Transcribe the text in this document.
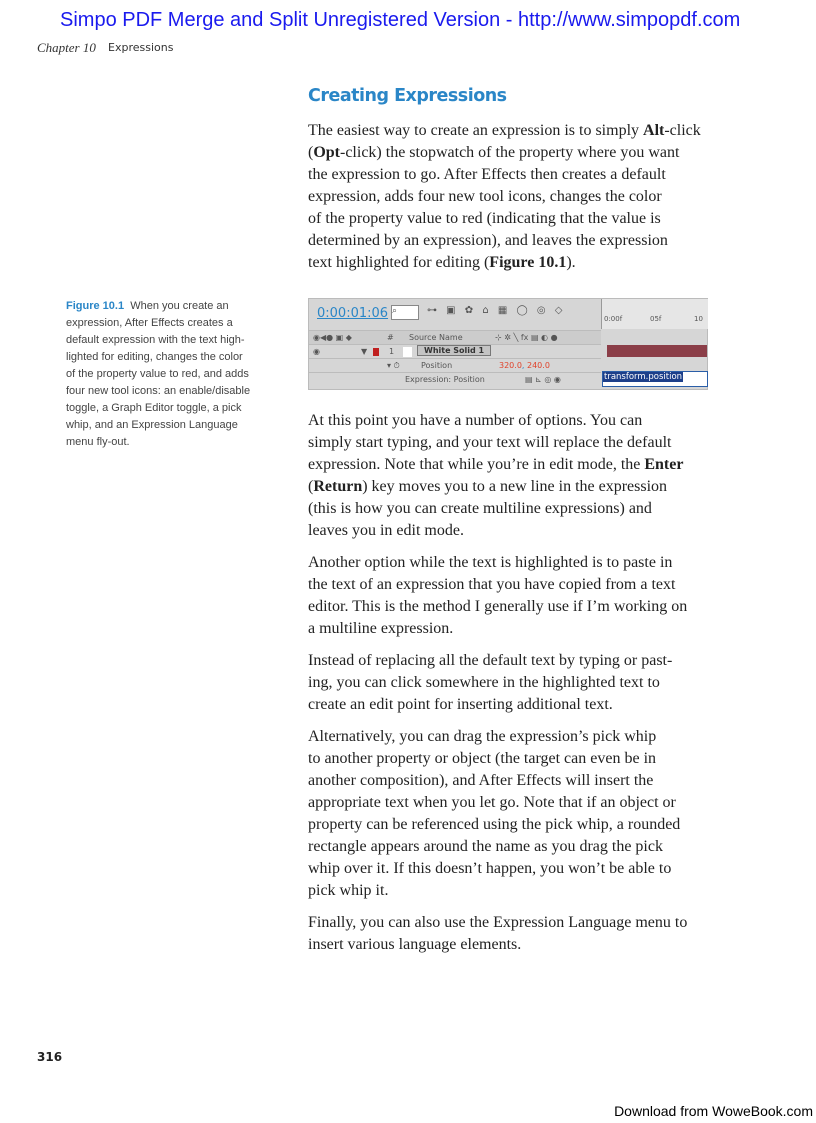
Chapter 10 Expressions
Simpo PDF Merge and Split Unregistered Version - http://www.simpopdf.com
Creating Expressions

The easiest way to create an expression is to simply Alt-click
(Opt-click) the stopwatch of the property where you want
the expression to go. After Effects then creates a default
expression, adds four new tool icons, changes the color
of the property value to red (indicating that the value is
determined by an expression), and leaves the expression
text highlighted for editing (Figure 10.1).

Figure 10.1 When you create an
expression, After Effects creates a
default expression with the text high-
lighted for editing, changes the color
of the property value to red, and adds
four new tool icons: an enable/disable
toggle, a Graph Editor toggle, a pick
whip, and an Expression Language
menu fly-out.

0:00:01:06 ⌕	⊶ ▣ ✿ ⌂ ▦ ◯ ◎ ◇
0:00f	05f	10
◉◀● ▣ ◆	# Source Name	⊹ ✲ ╲ fx ▤ ◐ ●
◉	▼	1	White Solid 1
▾ ⏱	Position	320.0, 240.0
Expression: Position	▤ ⊾ ◎ ◉	transform.position

At this point you have a number of options. You can
simply start typing, and your text will replace the default
expression. Note that while you’re in edit mode, the Enter
(Return) key moves you to a new line in the expression
(this is how you can create multiline expressions) and
leaves you in edit mode.

Another option while the text is highlighted is to paste in
the text of an expression that you have copied from a text
editor. This is the method I generally use if I’m working on
a multiline expression.

Instead of replacing all the default text by typing or past-
ing, you can click somewhere in the highlighted text to
create an edit point for inserting additional text.

Alternatively, you can drag the expression’s pick whip
to another property or object (the target can even be in
another composition), and After Effects will insert the
appropriate text when you let go. Note that if an object or
property can be referenced using the pick whip, a rounded
rectangle appears around the name as you drag the pick
whip over it. If this doesn’t happen, you won’t be able to
pick whip it.

Finally, you can also use the Expression Language menu to
insert various language elements.

316
Download from WoweBook.com
